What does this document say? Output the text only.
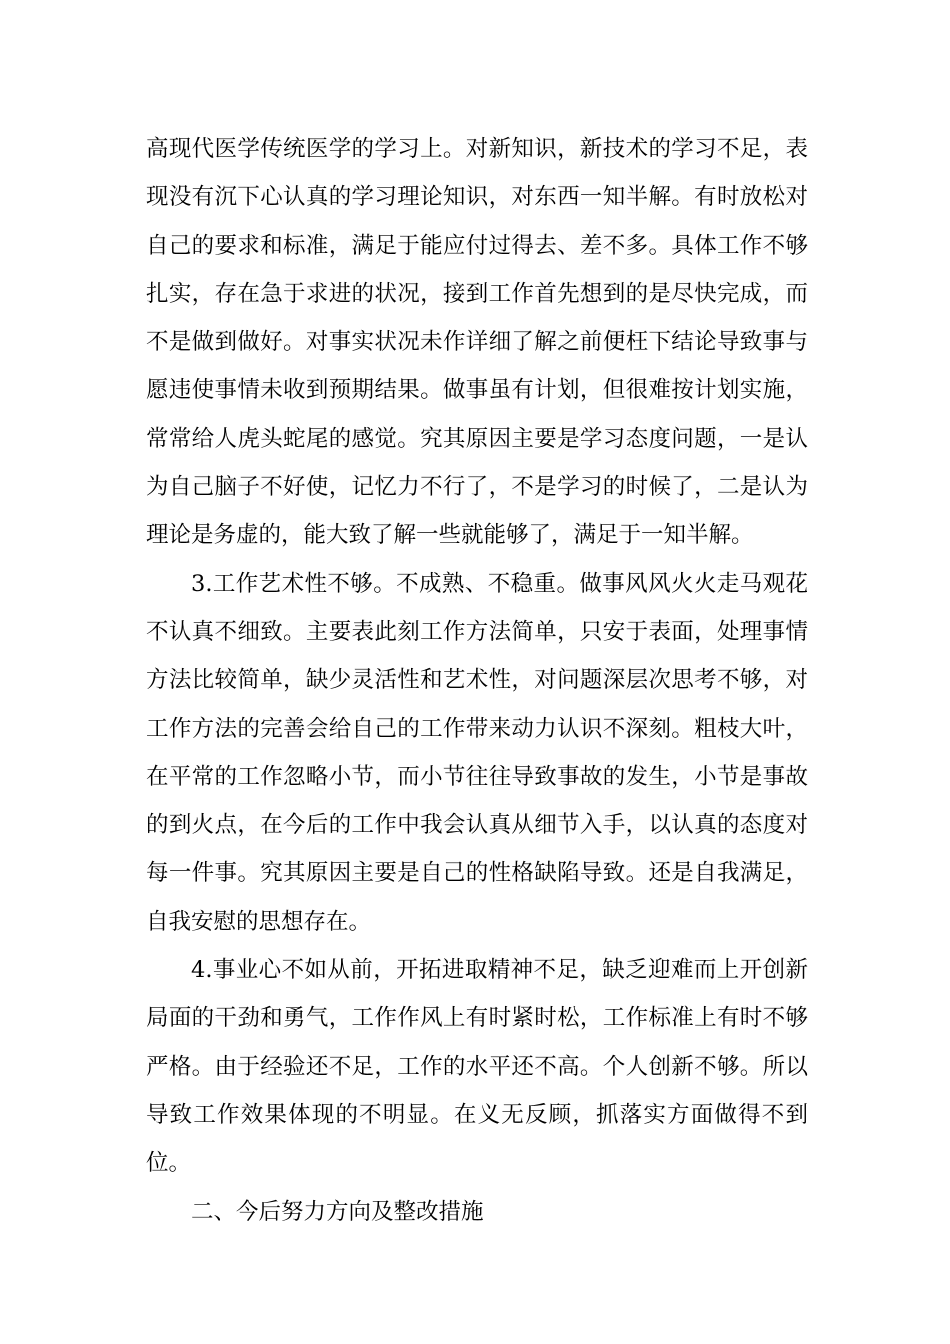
高现代医学传统医学的学习上。对新知识，新技术的学习不足，表现没有沉下心认真的学习理论知识，对东西一知半解。有时放松对自己的要求和标准，满足于能应付过得去、差不多。具体工作不够扎实，存在急于求进的状况，接到工作首先想到的是尽快完成，而不是做到做好。对事实状况未作详细了解之前便枉下结论导致事与愿违使事情未收到预期结果。做事虽有计划，但很难按计划实施，常常给人虎头蛇尾的感觉。究其原因主要是学习态度问题，一是认为自己脑子不好使，记忆力不行了，不是学习的时候了，二是认为理论是务虚的，能大致了解一些就能够了，满足于一知半解。

3.工作艺术性不够。不成熟、不稳重。做事风风火火走马观花不认真不细致。主要表此刻工作方法简单，只安于表面，处理事情方法比较简单，缺少灵活性和艺术性，对问题深层次思考不够，对工作方法的完善会给自己的工作带来动力认识不深刻。粗枝大叶，在平常的工作忽略小节，而小节往往导致事故的发生，小节是事故的到火点，在今后的工作中我会认真从细节入手，以认真的态度对每一件事。究其原因主要是自己的性格缺陷导致。还是自我满足，自我安慰的思想存在。

4.事业心不如从前，开拓进取精神不足，缺乏迎难而上开创新局面的干劲和勇气，工作作风上有时紧时松，工作标准上有时不够严格。由于经验还不足，工作的水平还不高。个人创新不够。所以导致工作效果体现的不明显。在义无反顾，抓落实方面做得不到位。

二、今后努力方向及整改措施
